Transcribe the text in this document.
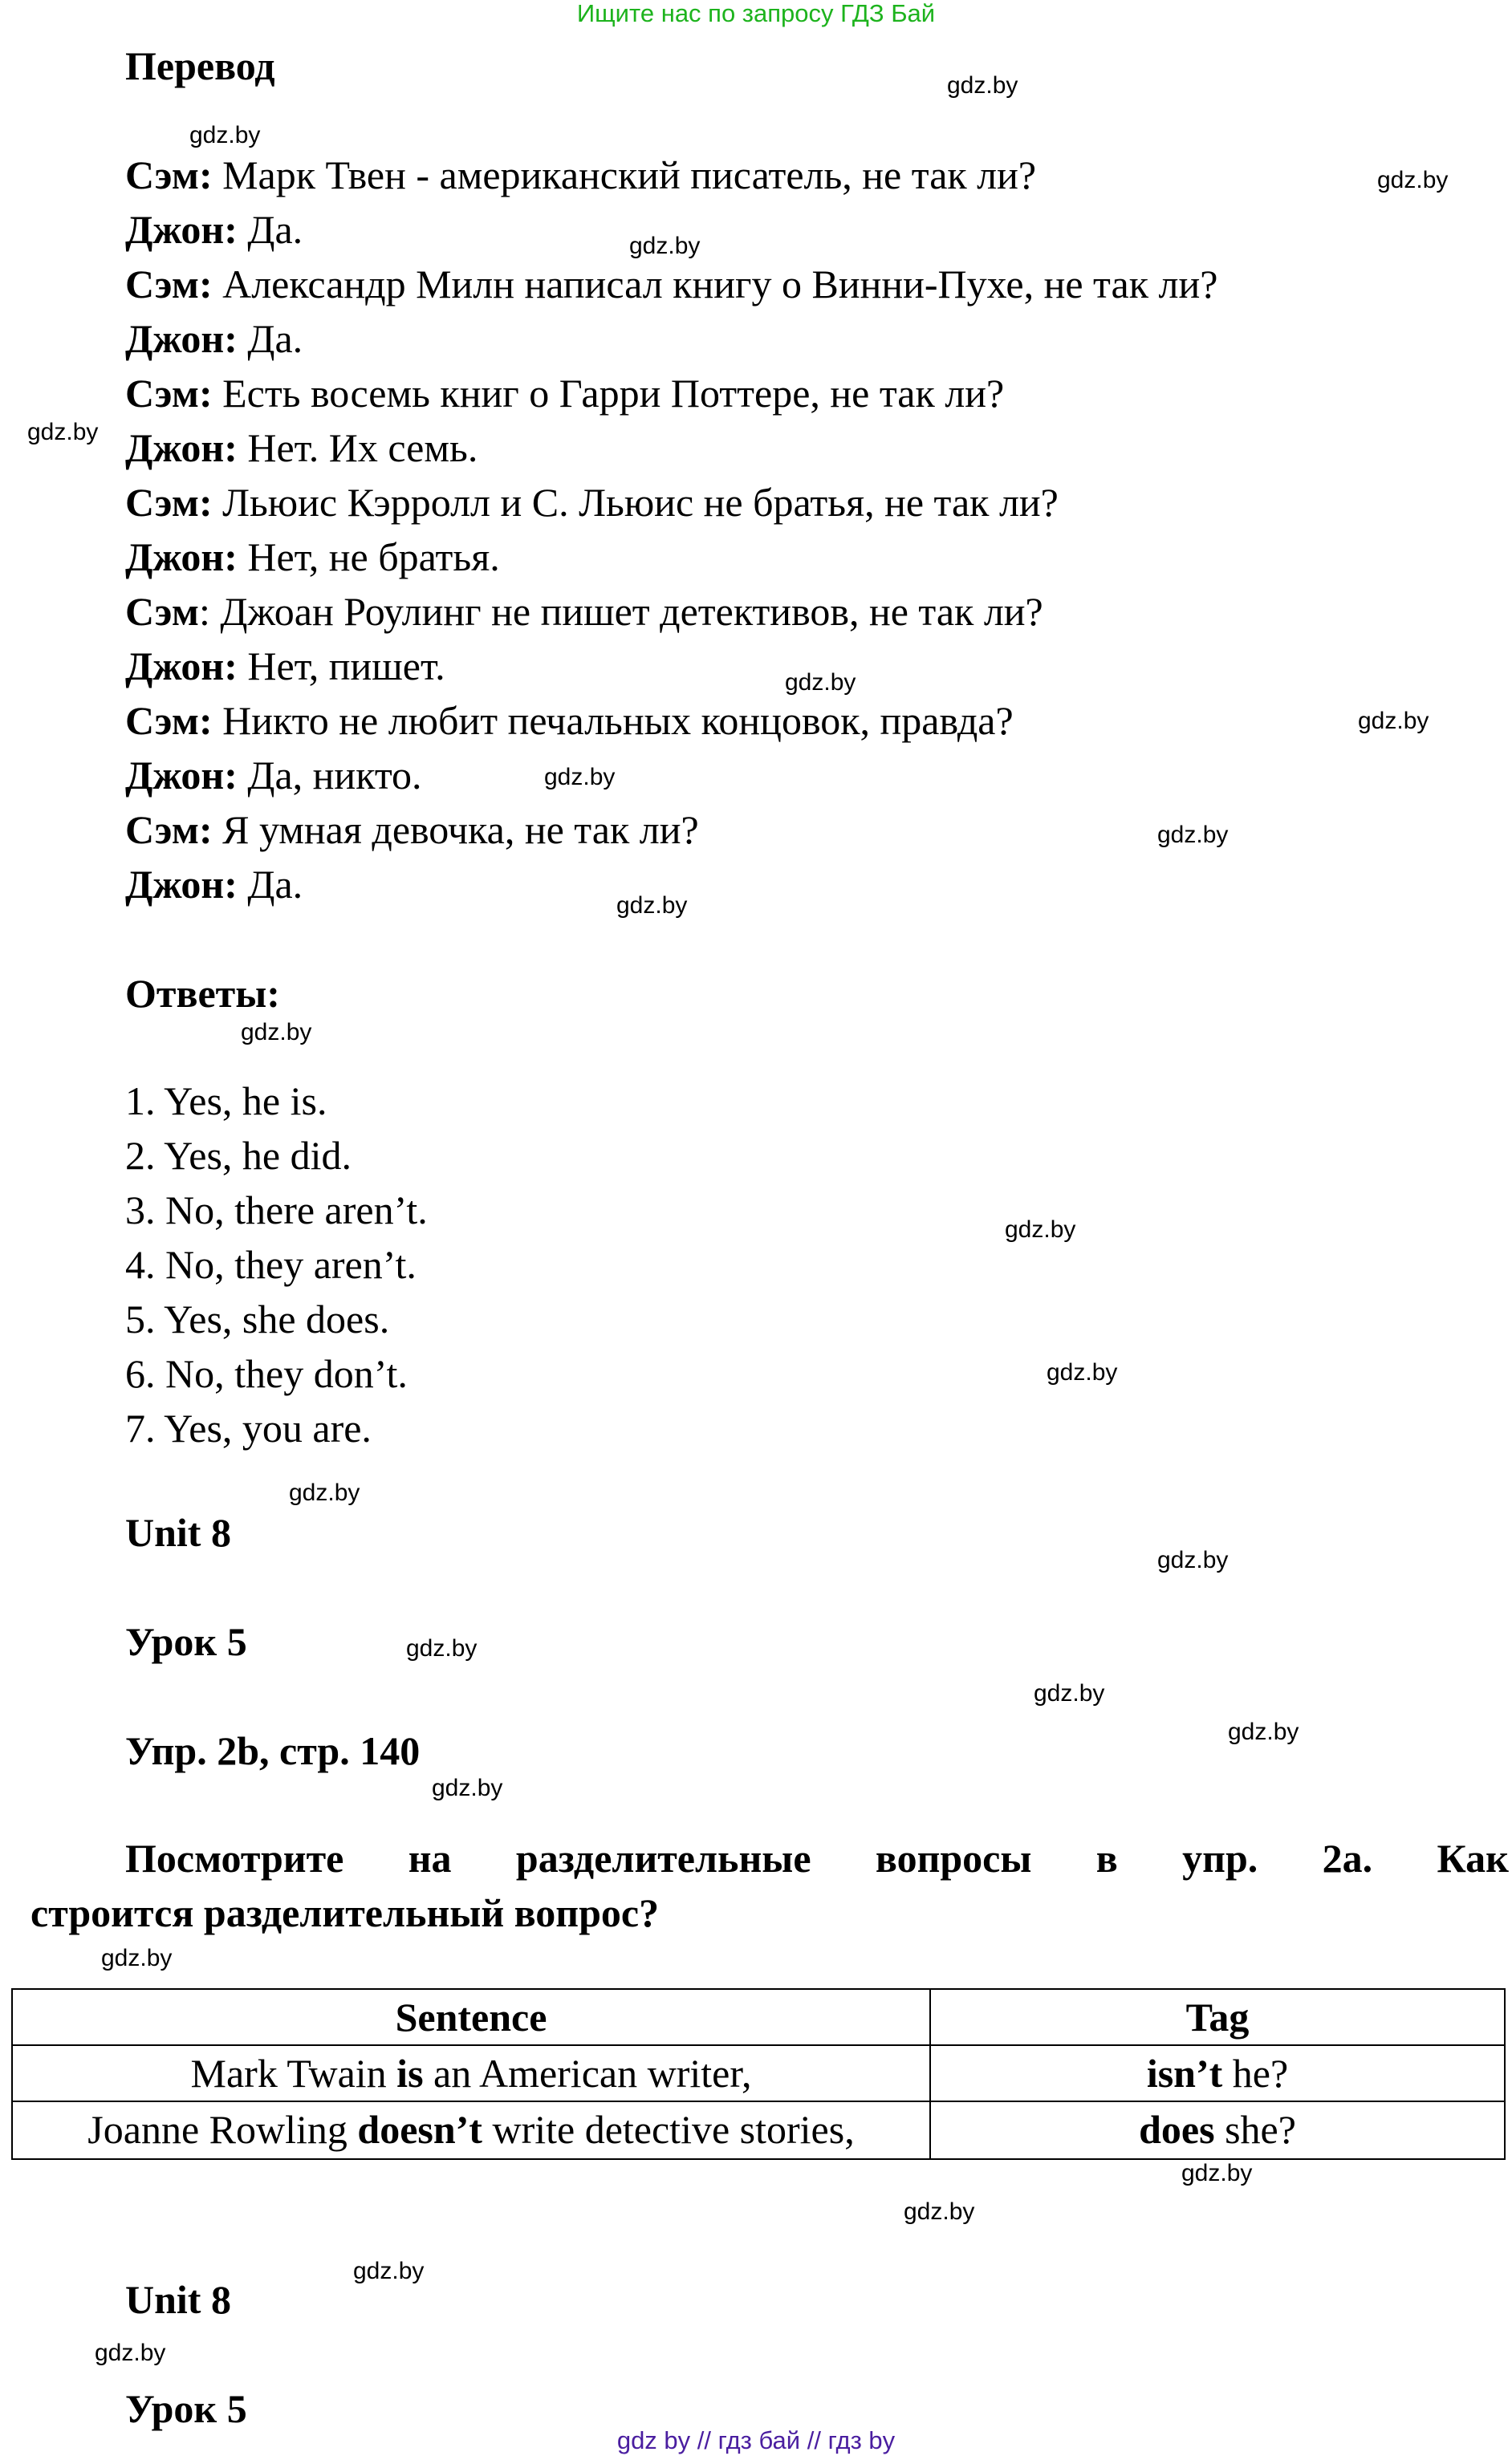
Ищите нас по запросу ГДЗ Бай
Перевод
Сэм: Марк Твен - американский писатель, не так ли?
Джон: Да.
Сэм: Александр Милн написал книгу о Винни-Пухе, не так ли?
Джон: Да.
Сэм: Есть восемь книг о Гарри Поттере, не так ли?
Джон: Нет. Их семь.
Сэм: Льюис Кэрролл и С. Льюис не братья, не так ли?
Джон: Нет, не братья.
Сэм: Джоан Роулинг не пишет детективов, не так ли?
Джон: Нет, пишет.
Сэм: Никто не любит печальных концовок, правда?
Джон: Да, никто.
Сэм: Я умная девочка, не так ли?
Джон: Да.
Ответы:
1. Yes, he is.
2. Yes, he did.
3. No, there aren’t.
4. No, they aren’t.
5. Yes, she does.
6. No, they don’t.
7. Yes, you are.
Unit 8
Урок 5
Упр. 2b, стр. 140
Посмотрите на разделительные вопросы в упр. 2a. Как
строится разделительный вопрос?
Sentence	Tag
Mark Twain is an American writer,	isn’t he?
Joanne Rowling doesn’t write detective stories,	does she?
Unit 8
Урок 5
gdz.by
gdz.by
gdz.by
gdz.by
gdz.by
gdz.by
gdz.by
gdz.by
gdz.by
gdz.by
gdz.by
gdz.by
gdz.by
gdz.by
gdz.by
gdz.by
gdz.by
gdz.by
gdz.by
gdz.by
gdz.by
gdz.by
gdz.by
gdz.by
gdz by // гдз бай // гдз by
